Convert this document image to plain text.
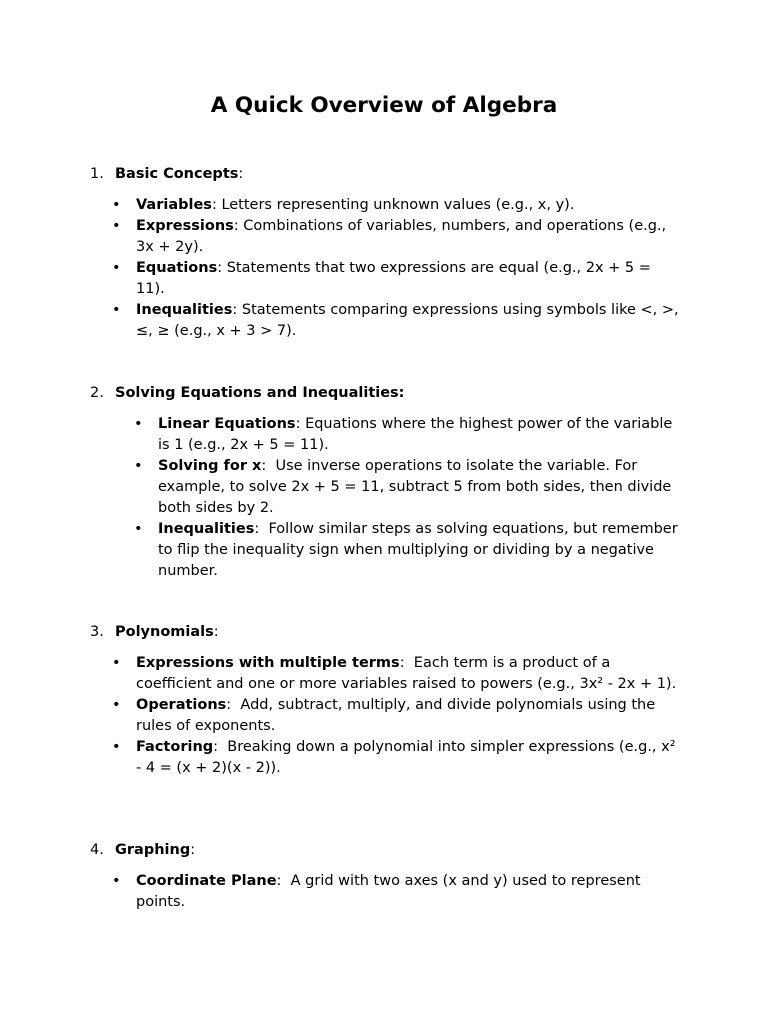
A Quick Overview of Algebra
1. Basic Concepts:
• Variables: Letters representing unknown values (e.g., x, y).
• Expressions: Combinations of variables, numbers, and operations (e.g., 3x + 2y).
• Equations: Statements that two expressions are equal (e.g., 2x + 5 = 11).
• Inequalities: Statements comparing expressions using symbols like <, >, ≤, ≥ (e.g., x + 3 > 7).
2. Solving Equations and Inequalities:
• Linear Equations: Equations where the highest power of the variable is 1 (e.g., 2x + 5 = 11).
• Solving for x:  Use inverse operations to isolate the variable. For example, to solve 2x + 5 = 11, subtract 5 from both sides, then divide both sides by 2.
• Inequalities:  Follow similar steps as solving equations, but remember to flip the inequality sign when multiplying or dividing by a negative number.
3. Polynomials:
• Expressions with multiple terms:  Each term is a product of a coefficient and one or more variables raised to powers (e.g., 3x² - 2x + 1).
• Operations:  Add, subtract, multiply, and divide polynomials using the rules of exponents.
• Factoring:  Breaking down a polynomial into simpler expressions (e.g., x² - 4 = (x + 2)(x - 2)).
4. Graphing:
• Coordinate Plane:  A grid with two axes (x and y) used to represent points.
